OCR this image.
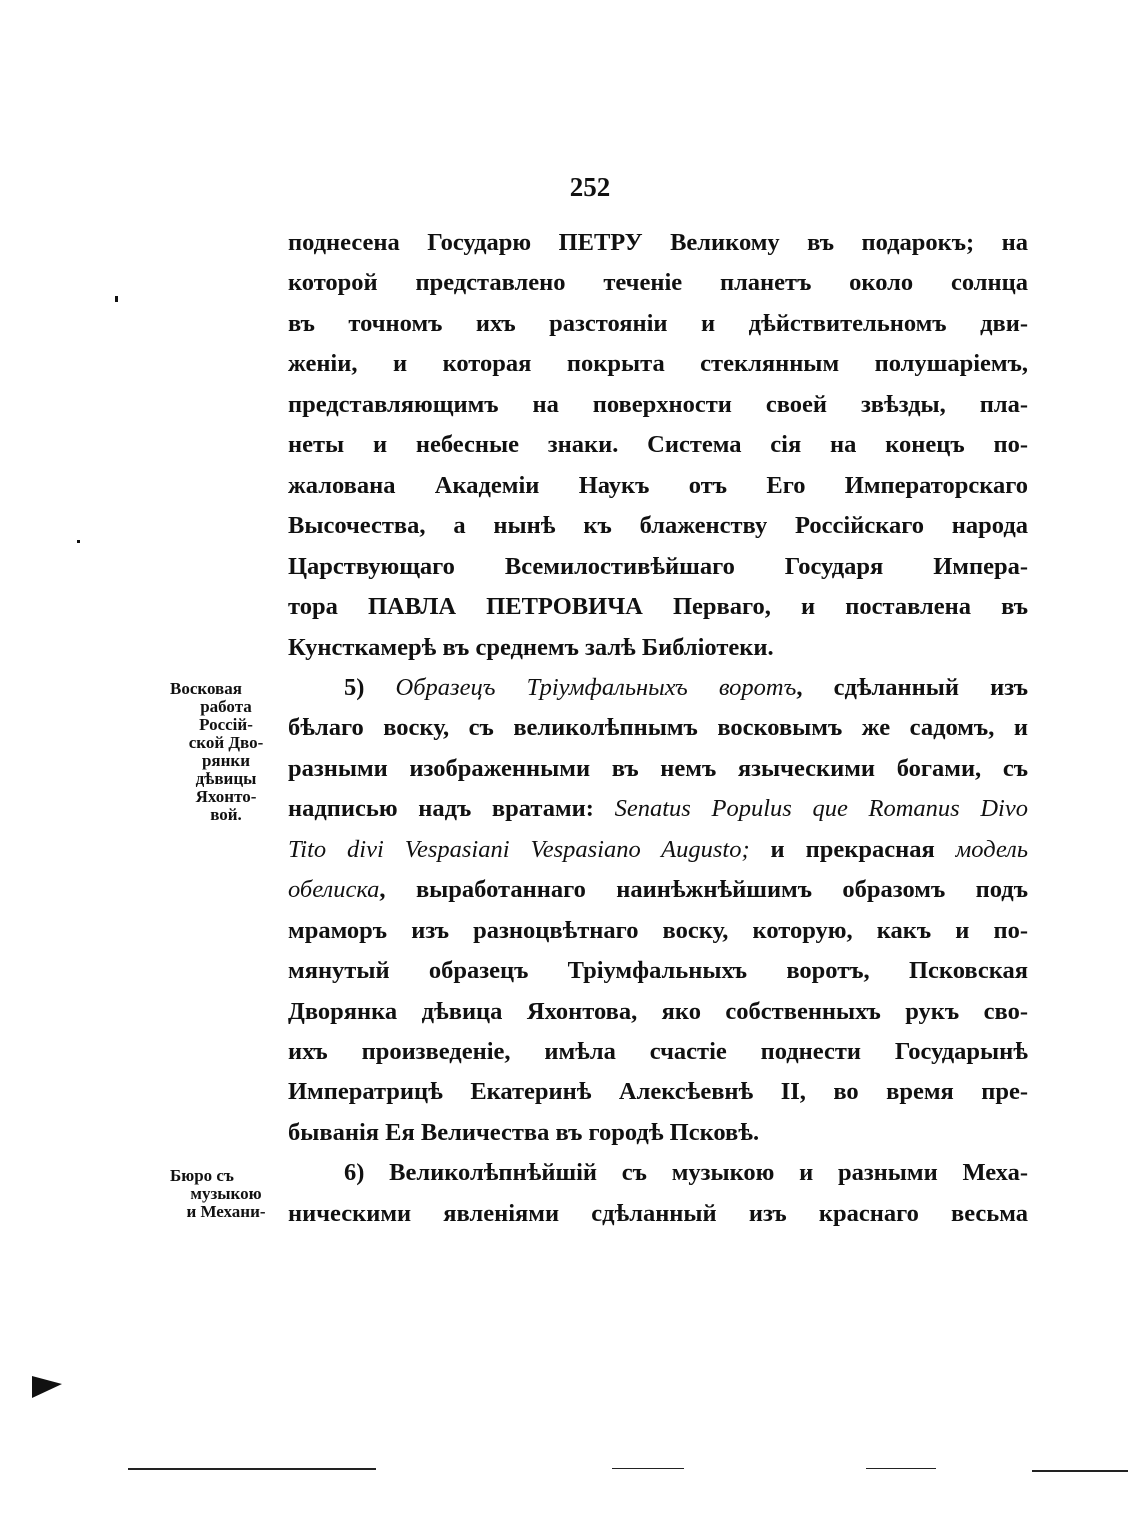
252
поднесена Государю ПЕТРУ Великому въ подарокъ; на
которой представлено теченіе планетъ около солнца
въ точномъ ихъ разстояніи и дѣйствительномъ дви-
женіи, и которая покрыта стеклянным полушаріемъ,
представляющимъ на поверхности своей звѣзды, пла-
неты и небесные знаки. Система сія на конецъ по-
жалована Академіи Наукъ отъ Его Императорскаго
Высочества, а нынѣ къ блаженству Россійскаго народа
Царствующаго Всемилостивѣйшаго Государя Импера-
тора ПАВЛА ПЕТРОВИЧА Перваго, и поставлена въ
Кунсткамерѣ въ среднемъ залѣ Библіотеки.
5) Образецъ Тріумфальныхъ воротъ, сдѣланный изъ
бѣлаго воску, съ великолѣпнымъ восковымъ же садомъ, и
разными изображенными въ немъ языческими богами, съ
надписью надъ вратами: Senatus Populus que Romanus Divo
Tito divi Vespasiani Vespasiano Augusto; и прекрасная модель
обелиска, выработаннаго наинѣжнѣйшимъ образомъ подъ
мраморъ изъ разноцвѣтнаго воску, которую, какъ и по-
мянутый образецъ Тріумфальныхъ воротъ, Псковская
Дворянка дѣвица Яхонтова, яко собственныхъ рукъ сво-
ихъ произведеніе, имѣла счастіе поднести Государынѣ
Императрицѣ Екатеринѣ Алексѣевнѣ II, во время пре-
быванія Ея Величества въ городѣ Псковѣ.
6) Великолѣпнѣйшій съ музыкою и разными Меха-
ническими явленіями сдѣланный изъ краснаго весьма
Восковая
работа
Россій-
ской Дво-
рянки
дѣвицы
Яхонто-
вой.
Бюро съ
музыкою
и Механи-
